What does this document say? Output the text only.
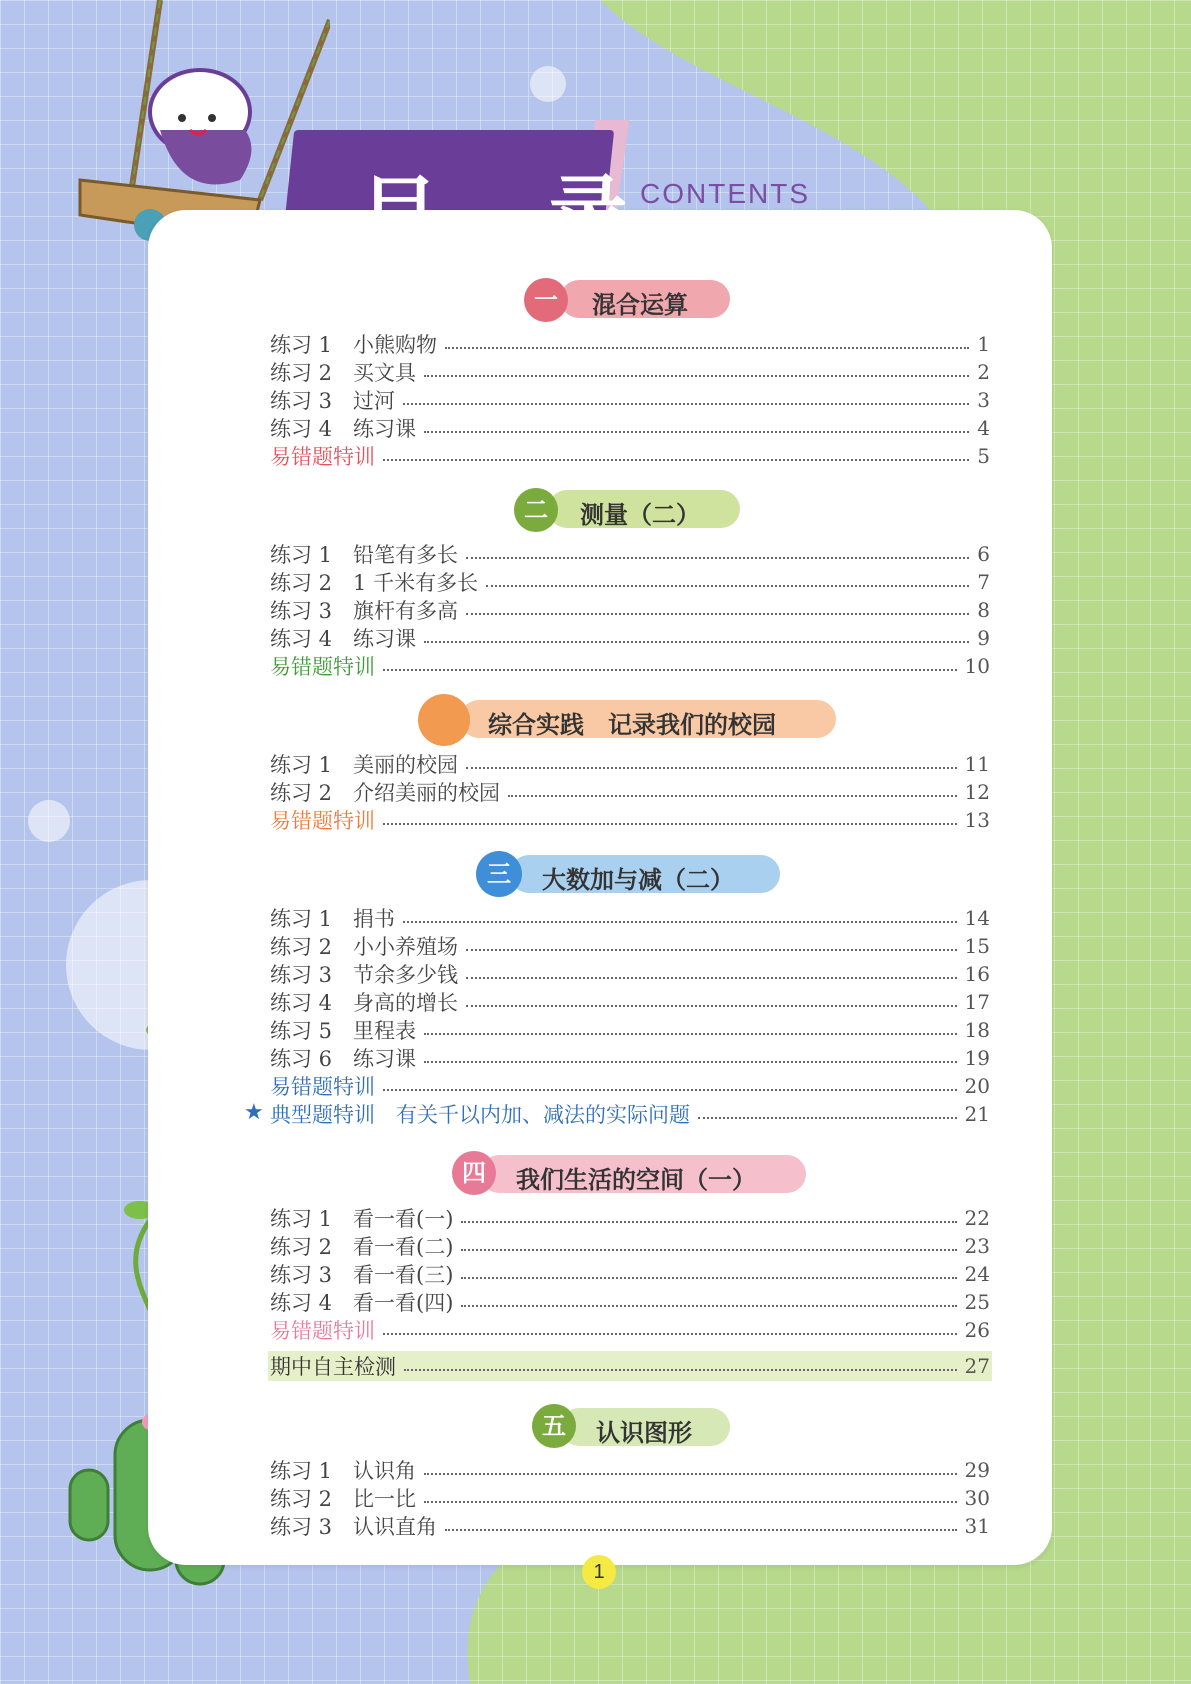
CONTENTS
一	混合运算
练习 1　小熊购物	1
练习 2　买文具	2
练习 3　过河	3
练习 4　练习课	4
易错题特训	5
二	测量（二）
练习 1　铅笔有多长	6
练习 2　1 千米有多长	7
练习 3　旗杆有多高	8
练习 4　练习课	9
易错题特训	10
综合实践　记录我们的校园
练习 1　美丽的校园	11
练习 2　介绍美丽的校园	12
易错题特训	13
三	大数加与减（二）
练习 1　捐书	14
练习 2　小小养殖场	15
练习 3　节余多少钱	16
练习 4　身高的增长	17
练习 5　里程表	18
练习 6　练习课	19
易错题特训	20
★ 典型题特训　有关千以内加、减法的实际问题	21
四	我们生活的空间（一）
练习 1　看一看(一)	22
练习 2　看一看(二)	23
练习 3　看一看(三)	24
练习 4　看一看(四)	25
易错题特训	26
期中自主检测	27
五	认识图形
练习 1　认识角	29
练习 2　比一比	30
练习 3　认识直角	31
1
